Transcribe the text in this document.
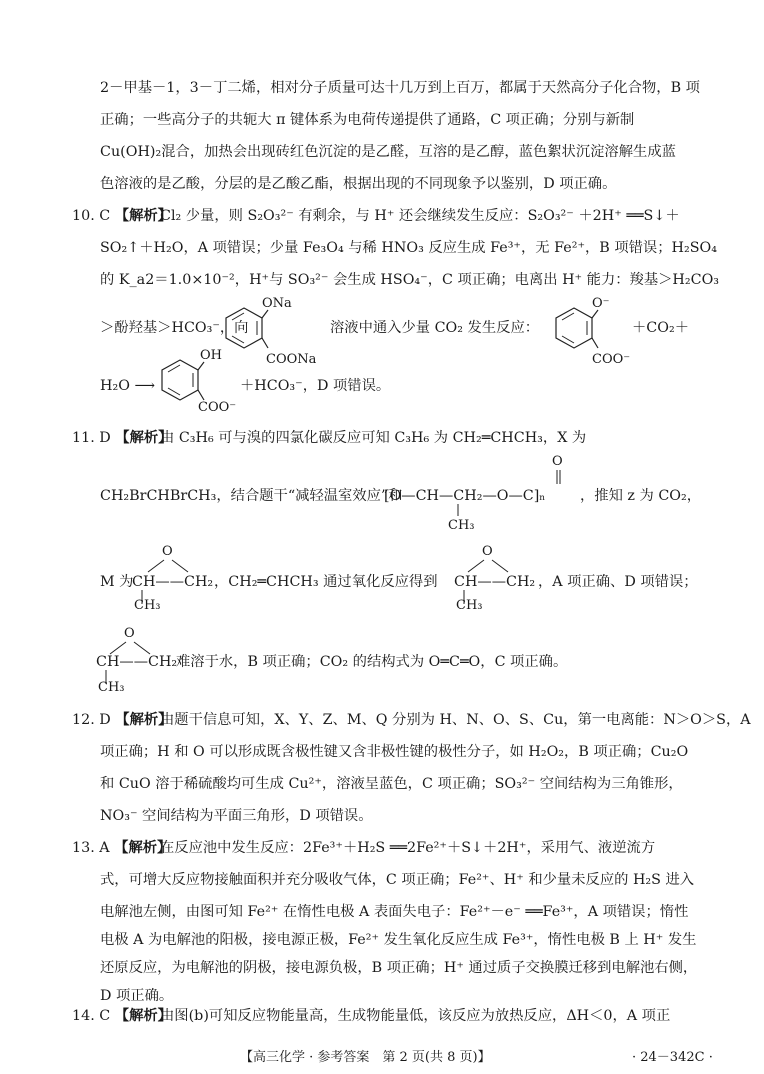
2－甲基－1，3－丁二烯，相对分子质量可达十几万到上百万，都属于天然高分子化合物，B 项
正确；一些高分子的共轭大 π 键体系为电荷传递提供了通路，C 项正确；分别与新制
Cu(OH)₂混合，加热会出现砖红色沉淀的是乙醛，互溶的是乙醇，蓝色絮状沉淀溶解生成蓝
色溶液的是乙酸，分层的是乙酸乙酯，根据出现的不同现象予以鉴别，D 项正确。
10. C 【解析】
Cl₂ 少量，则 S₂O₃²⁻ 有剩余，与 H⁺ 还会继续发生反应：S₂O₃²⁻ ＋2H⁺ ══S↓＋
SO₂↑＋H₂O，A 项错误；少量 Fe₃O₄ 与稀 HNO₃ 反应生成 Fe³⁺，无 Fe²⁺，B 项错误；H₂SO₄
的 K_a2＝1.0×10⁻²，H⁺与 SO₃²⁻ 会生成 HSO₄⁻，C 项正确；电离出 H⁺ 能力：羧基＞H₂CO₃
＞酚羟基＞HCO₃⁻，向
ONa
COONa
溶液中通入少量 CO₂ 发生反应：
O⁻
COO⁻
＋CO₂＋
H₂O ⟶
OH
COO⁻
＋HCO₃⁻，D 项错误。
11. D 【解析】
由 C₃H₆ 可与溴的四氯化碳反应可知 C₃H₆ 为 CH₂═CHCH₃，X 为
CH₂BrCHBrCH₃，结合题干“减轻温室效应”和
O
[O—CH—CH₂—O—C]ₙ
CH₃
，推知 z 为 CO₂，
M 为
O
CH——CH₂
CH₃
，CH₂═CHCH₃ 通过氧化反应得到
O
CH——CH₂
CH₃
，A 项正确、D 项错误；
O
CH——CH₂
CH₃
难溶于水，B 项正确；CO₂ 的结构式为 O═C═O，C 项正确。
12. D 【解析】
由题干信息可知，X、Y、Z、M、Q 分别为 H、N、O、S、Cu，第一电离能：N＞O＞S，A
项正确；H 和 O 可以形成既含极性键又含非极性键的极性分子，如 H₂O₂，B 项正确；Cu₂O
和 CuO 溶于稀硫酸均可生成 Cu²⁺，溶液呈蓝色，C 项正确；SO₃²⁻ 空间结构为三角锥形，
NO₃⁻ 空间结构为平面三角形，D 项错误。
13. A 【解析】
在反应池中发生反应：2Fe³⁺＋H₂S ══2Fe²⁺＋S↓＋2H⁺，采用气、液逆流方
式，可增大反应物接触面积并充分吸收气体，C 项正确；Fe²⁺、H⁺ 和少量未反应的 H₂S 进入
电解池左侧，由图可知 Fe²⁺ 在惰性电极 A 表面失电子：Fe²⁺－e⁻ ══Fe³⁺，A 项错误；惰性
电极 A 为电解池的阳极，接电源正极，Fe²⁺ 发生氧化反应生成 Fe³⁺，惰性电极 B 上 H⁺ 发生
还原反应，为电解池的阴极，接电源负极，B 项正确；H⁺ 通过质子交换膜迁移到电解池右侧，
D 项正确。
【高三化学 · 参考答案　第 2 页(共 8 页)】	· 24－342C ·
14. C 【解析】
由图(b)可知反应物能量高，生成物能量低，该反应为放热反应，ΔH＜0，A 项正
